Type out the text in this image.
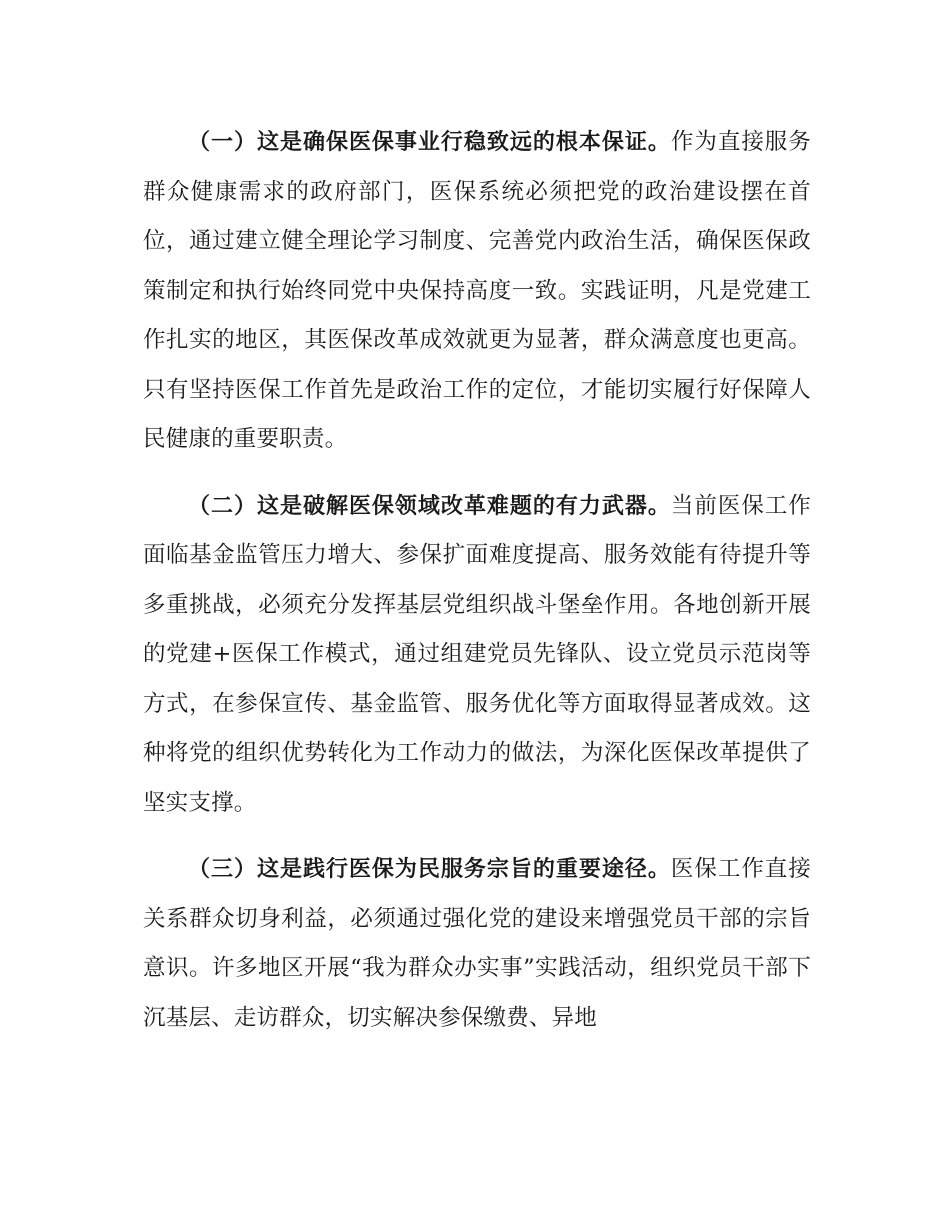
（一）这是确保医保事业行稳致远的根本保证。作为直接服务群众健康需求的政府部门，医保系统必须把党的政治建设摆在首位，通过建立健全理论学习制度、完善党内政治生活，确保医保政策制定和执行始终同党中央保持高度一致。实践证明，凡是党建工作扎实的地区，其医保改革成效就更为显著，群众满意度也更高。只有坚持医保工作首先是政治工作的定位，才能切实履行好保障人民健康的重要职责。

（二）这是破解医保领域改革难题的有力武器。当前医保工作面临基金监管压力增大、参保扩面难度提高、服务效能有待提升等多重挑战，必须充分发挥基层党组织战斗堡垒作用。各地创新开展的党建+医保工作模式，通过组建党员先锋队、设立党员示范岗等方式，在参保宣传、基金监管、服务优化等方面取得显著成效。这种将党的组织优势转化为工作动力的做法，为深化医保改革提供了坚实支撑。

（三）这是践行医保为民服务宗旨的重要途径。医保工作直接关系群众切身利益，必须通过强化党的建设来增强党员干部的宗旨意识。许多地区开展“我为群众办实事”实践活动，组织党员干部下沉基层、走访群众，切实解决参保缴费、异地
